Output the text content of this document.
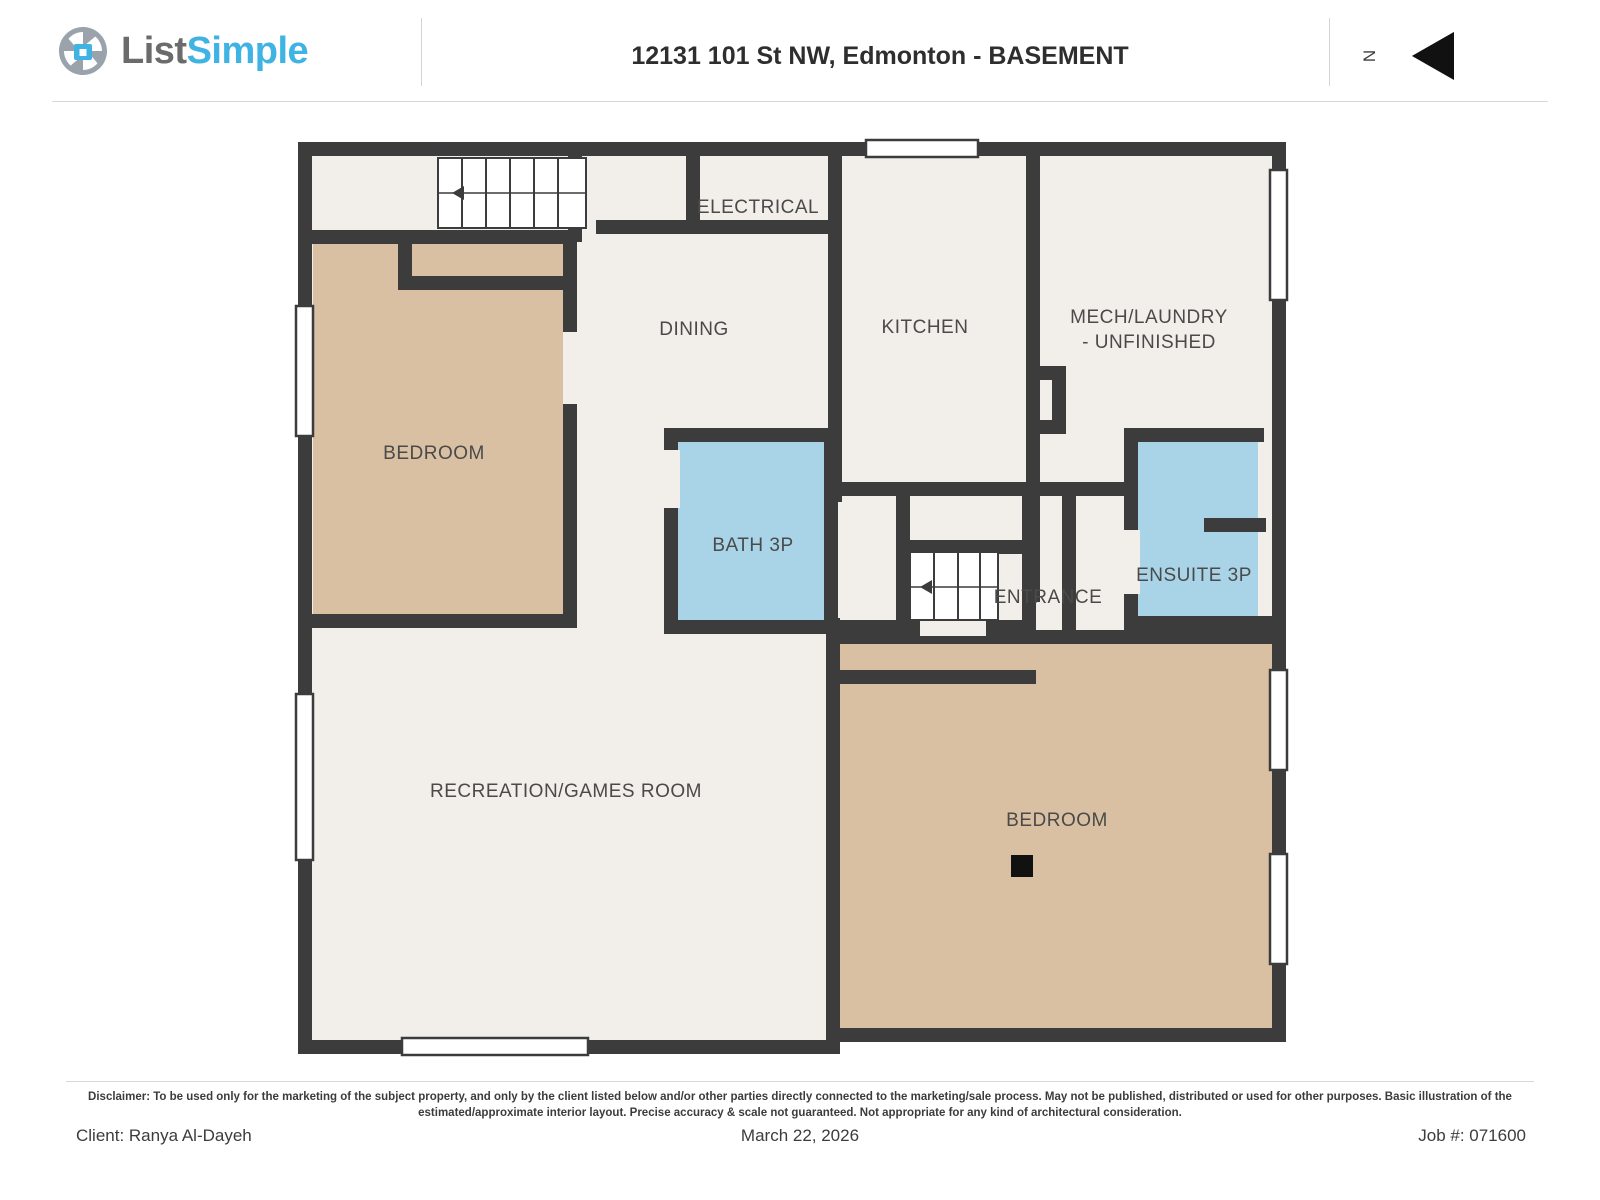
ListSimple	12131 101 St NW, Edmonton - BASEMENT	N
ELECTRICAL
DINING	KITCHEN	MECH/LAUNDRY
- UNFINISHED
BEDROOM
BATH 3P
ENSUITE 3P
ENTRANCE
RECREATION/GAMES ROOM
BEDROOM
Disclaimer: To be used only for the marketing of the subject property, and only by the client listed below and/or other parties directly connected to the marketing/sale process. May not be published, distributed or used for other purposes. Basic illustration of the estimated/approximate interior layout. Precise accuracy & scale not guaranteed. Not appropriate for any kind of architectural consideration.
Client: Ranya Al-Dayeh	March 22, 2026	Job #: 071600
